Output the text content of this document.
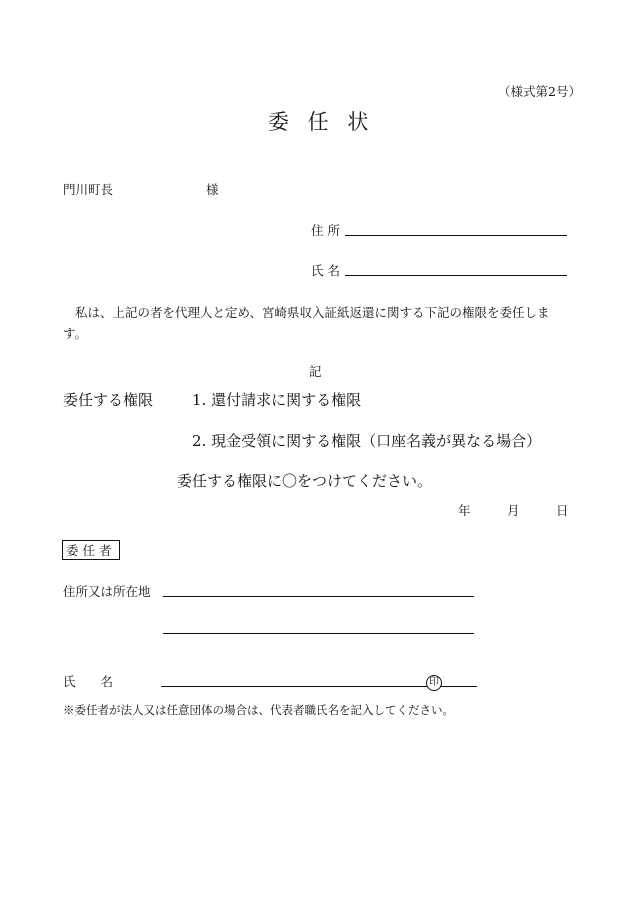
（様式第2号）
委 任 状
門川町長	様
住 所
氏 名
私は、上記の者を代理人と定め、宮崎県収入証紙返還に関する下記の権限を委任します。
記
委任する権限	1. 還付請求に関する権限
2. 現金受領に関する権限（口座名義が異なる場合）
委任する権限に〇をつけてください。
年	月	日
委任者
住所又は所在地
氏　　名	印
※委任者が法人又は任意団体の場合は、代表者職氏名を記入してください。
